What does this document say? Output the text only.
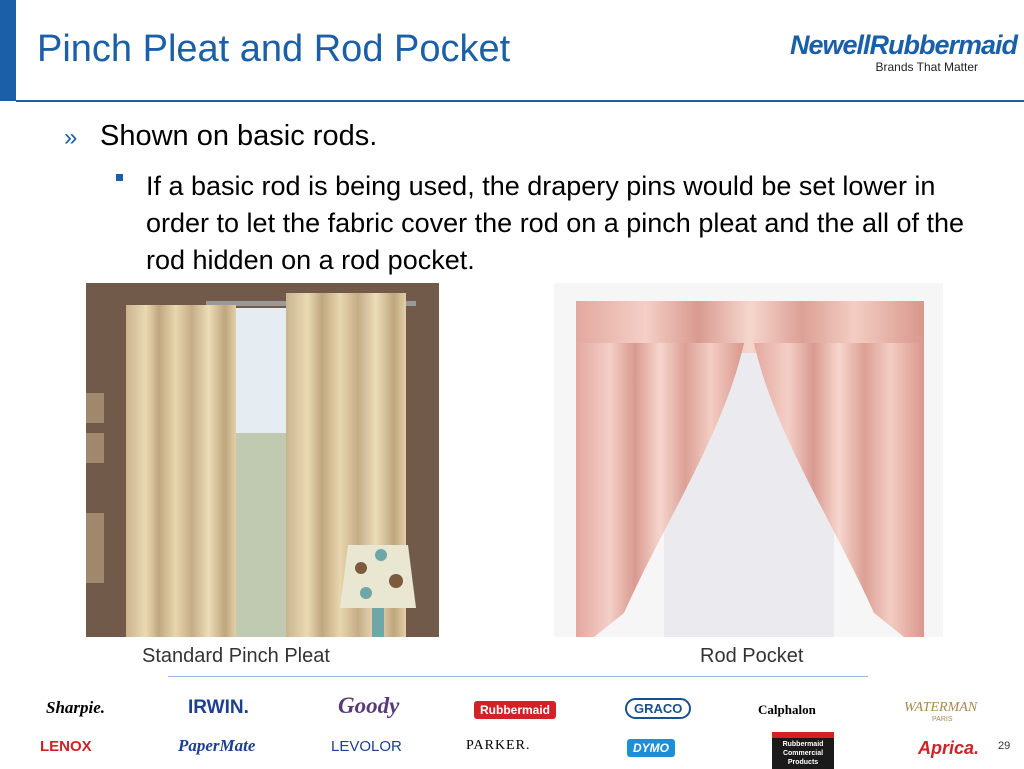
Pinch Pleat and Rod Pocket	NewellRubbermaid
Brands That Matter
» Shown on basic rods.
If a basic rod is being used, the drapery pins would be set lower in order to let the fabric cover the rod on a pinch pleat and the all of the rod hidden on a rod pocket.
Standard Pinch Pleat	Rod Pocket
Sharpie.	IRWIN.	Goody	Rubbermaid	GRACO	Calphalon	WATERMAN
PARIS
LENOX	PaperMate	LEVOLOR	PARKER.	DYMO	Rubbermaid Commercial Products
Aprica. 29
